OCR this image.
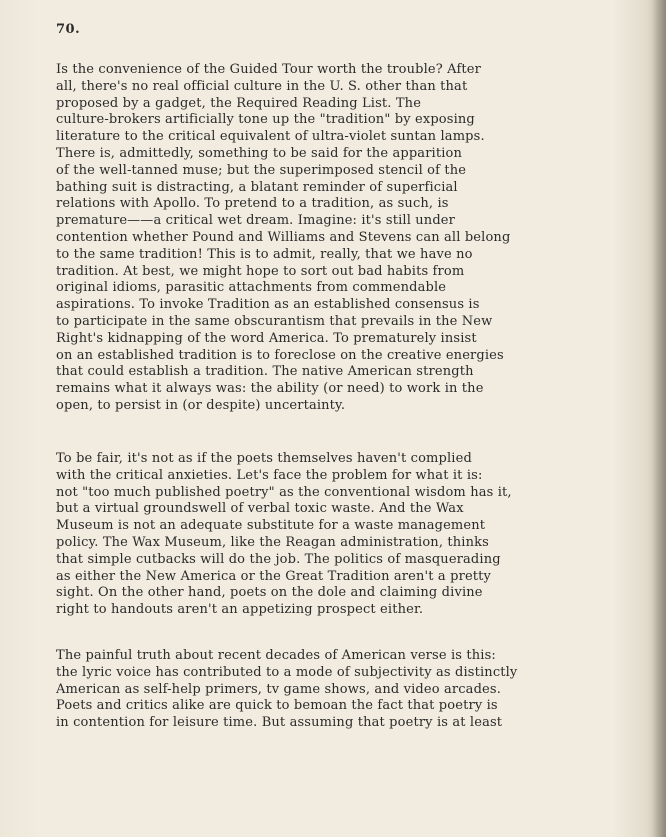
70.
Is the convenience of the Guided Tour worth the trouble? After
all, there's no real official culture in the U. S. other than that
proposed by a gadget, the Required Reading List. The
culture-brokers artificially tone up the "tradition" by exposing
literature to the critical equivalent of ultra-violet suntan lamps.
There is, admittedly, something to be said for the apparition
of the well-tanned muse; but the superimposed stencil of the
bathing suit is distracting, a blatant reminder of superficial
relations with Apollo. To pretend to a tradition, as such, is
premature——a critical wet dream. Imagine: it's still under
contention whether Pound and Williams and Stevens can all belong
to the same tradition! This is to admit, really, that we have no
tradition. At best, we might hope to sort out bad habits from
original idioms, parasitic attachments from commendable
aspirations. To invoke Tradition as an established consensus is
to participate in the same obscurantism that prevails in the New
Right's kidnapping of the word America. To prematurely insist
on an established tradition is to foreclose on the creative energies
that could establish a tradition. The native American strength
remains what it always was: the ability (or need) to work in the
open, to persist in (or despite) uncertainty.
To be fair, it's not as if the poets themselves haven't complied
with the critical anxieties. Let's face the problem for what it is:
not "too much published poetry" as the conventional wisdom has it,
but a virtual groundswell of verbal toxic waste. And the Wax
Museum is not an adequate substitute for a waste management
policy. The Wax Museum, like the Reagan administration, thinks
that simple cutbacks will do the job. The politics of masquerading
as either the New America or the Great Tradition aren't a pretty
sight. On the other hand, poets on the dole and claiming divine
right to handouts aren't an appetizing prospect either.
The painful truth about recent decades of American verse is this:
the lyric voice has contributed to a mode of subjectivity as distinctly
American as self-help primers, tv game shows, and video arcades.
Poets and critics alike are quick to bemoan the fact that poetry is
in contention for leisure time. But assuming that poetry is at least
